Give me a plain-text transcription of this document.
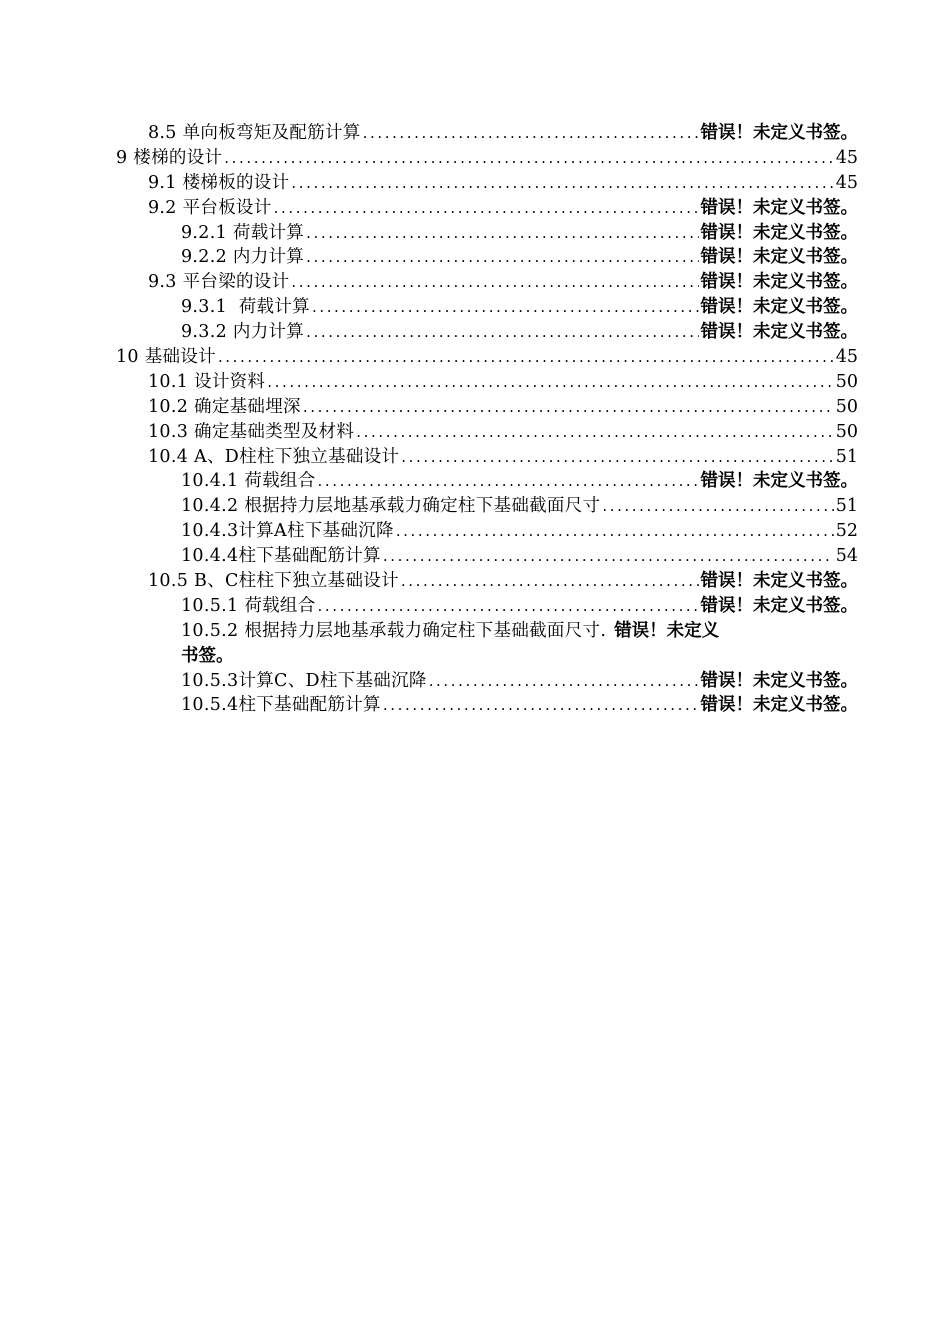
8.5 单向板弯矩及配筋计算 .....	错误！未定义书签。
9 楼梯的设计 .....	45
9.1 楼梯板的设计 .....	45
9.2 平台板设计 .....	错误！未定义书签。
9.2.1 荷载计算 .....	错误！未定义书签。
9.2.2 内力计算 .....	错误！未定义书签。
9.3 平台梁的设计 .....	错误！未定义书签。
9.3.1  荷载计算 .....	错误！未定义书签。
9.3.2 内力计算 .....	错误！未定义书签。
10 基础设计 .....	45
10.1 设计资料 .....	50
10.2 确定基础埋深 .....	50
10.3 确定基础类型及材料 .....	50
10.4 A、D柱柱下独立基础设计 .....	51
10.4.1 荷载组合 .....	错误！未定义书签。
10.4.2 根据持力层地基承载力确定柱下基础截面尺寸 .....	51
10.4.3计算A柱下基础沉降 .....	52
10.4.4柱下基础配筋计算 .....	54
10.5 B、C柱柱下独立基础设计 .....	错误！未定义书签。
10.5.1 荷载组合 .....	错误！未定义书签。
10.5.2 根据持力层地基承载力确定柱下基础截面尺寸. 错误！未定义
书签。
10.5.3计算C、D柱下基础沉降 .....	错误！未定义书签。
10.5.4柱下基础配筋计算 .....	错误！未定义书签。
